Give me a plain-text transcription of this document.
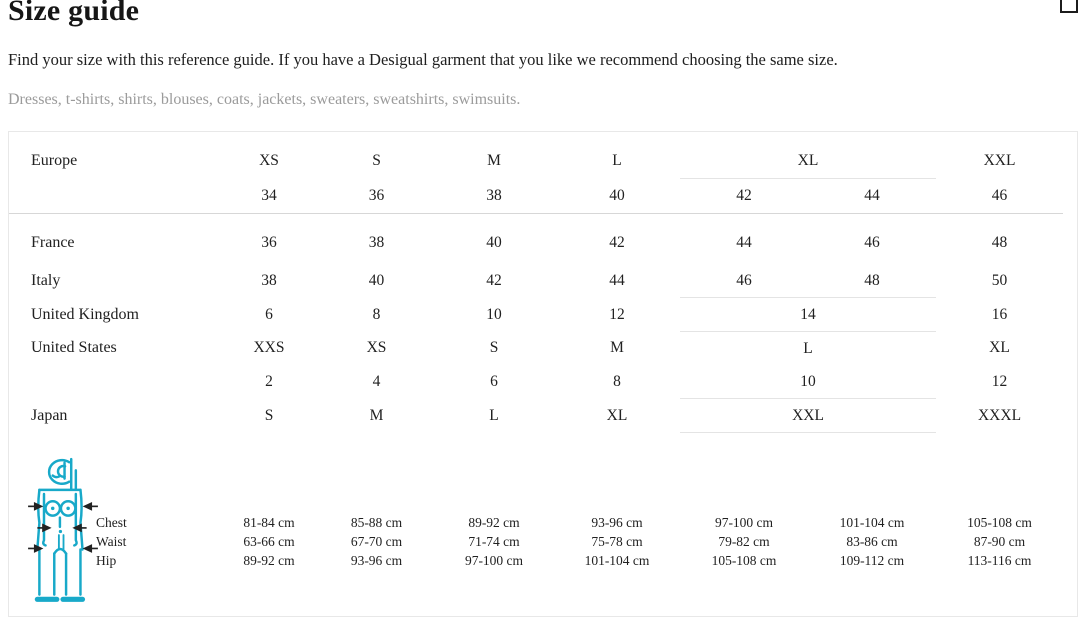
Size guide

Find your size with this reference guide. If you have a Desigual garment that you like we recommend choosing the same size.

Dresses, t-shirts, shirts, blouses, coats, jackets, sweaters, sweatshirts, swimsuits.

Europe	XS	S	M	L	XL		XXL
	34	36	38	40	42	44	46
France	36	38	40	42	44	46	48
Italy	38	40	42	44	46	48	50
United Kingdom	6	8	10	12	14		16
United States	XXS	XS	S	M	L		XL
	2	4	6	8	10		12
Japan	S	M	L	XL	XXL		XXXL
Chest	81-84 cm	85-88 cm	89-92 cm	93-96 cm	97-100 cm	101-104 cm	105-108 cm
Waist	63-66 cm	67-70 cm	71-74 cm	75-78 cm	79-82 cm	83-86 cm	87-90 cm
Hip	89-92 cm	93-96 cm	97-100 cm	101-104 cm	105-108 cm	109-112 cm	113-116 cm
